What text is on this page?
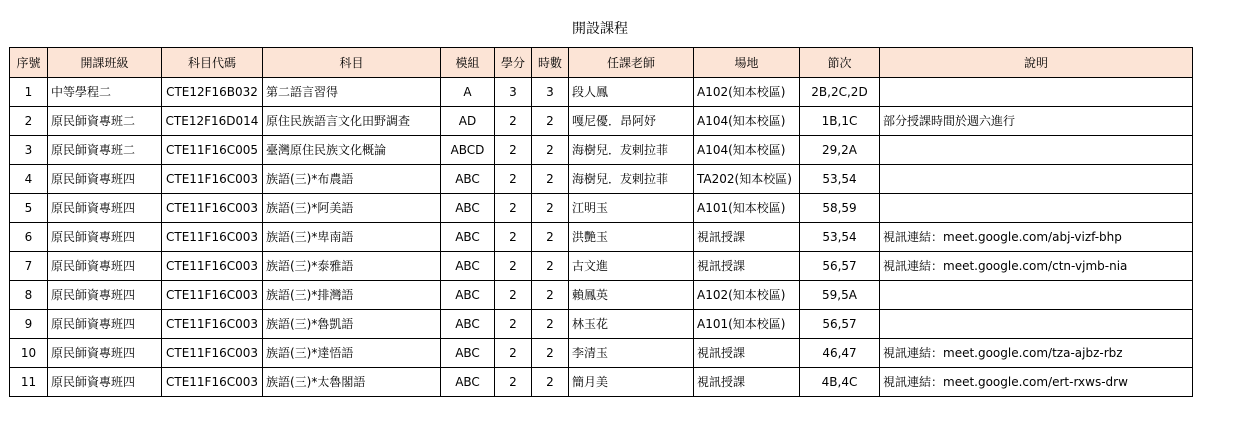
開設課程
序號	開課班級	科目代碼	科目	模組	學分	時數	任課老師	場地	節次	說明
1	中等學程二	CTE12F16B032	第二語言習得	A	3	3	段人鳳	A102(知本校區)	2B,2C,2D	
2	原民師資專班二	CTE12F16D014	原住民族語言文化田野調查	AD	2	2	嘎尼優．昂阿妤	A104(知本校區)	1B,1C	部分授課時間於週六進行
3	原民師資專班二	CTE11F16C005	臺灣原住民族文化概論	ABCD	2	2	海樹兒．犮剌拉菲	A104(知本校區)	29,2A	
4	原民師資專班四	CTE11F16C003	族語(三)*布農語	ABC	2	2	海樹兒．犮剌拉菲	TA202(知本校區)	53,54	
5	原民師資專班四	CTE11F16C003	族語(三)*阿美語	ABC	2	2	江明玉	A101(知本校區)	58,59	
6	原民師資專班四	CTE11F16C003	族語(三)*卑南語	ABC	2	2	洪艷玉	視訊授課	53,54	視訊連結：meet.google.com/abj-vizf-bhp
7	原民師資專班四	CTE11F16C003	族語(三)*泰雅語	ABC	2	2	古文進	視訊授課	56,57	視訊連結：meet.google.com/ctn-vjmb-nia
8	原民師資專班四	CTE11F16C003	族語(三)*排灣語	ABC	2	2	賴鳳英	A102(知本校區)	59,5A	
9	原民師資專班四	CTE11F16C003	族語(三)*魯凱語	ABC	2	2	林玉花	A101(知本校區)	56,57	
10	原民師資專班四	CTE11F16C003	族語(三)*達悟語	ABC	2	2	李清玉	視訊授課	46,47	視訊連結：meet.google.com/tza-ajbz-rbz
11	原民師資專班四	CTE11F16C003	族語(三)*太魯閣語	ABC	2	2	簡月美	視訊授課	4B,4C	視訊連結：meet.google.com/ert-rxws-drw
